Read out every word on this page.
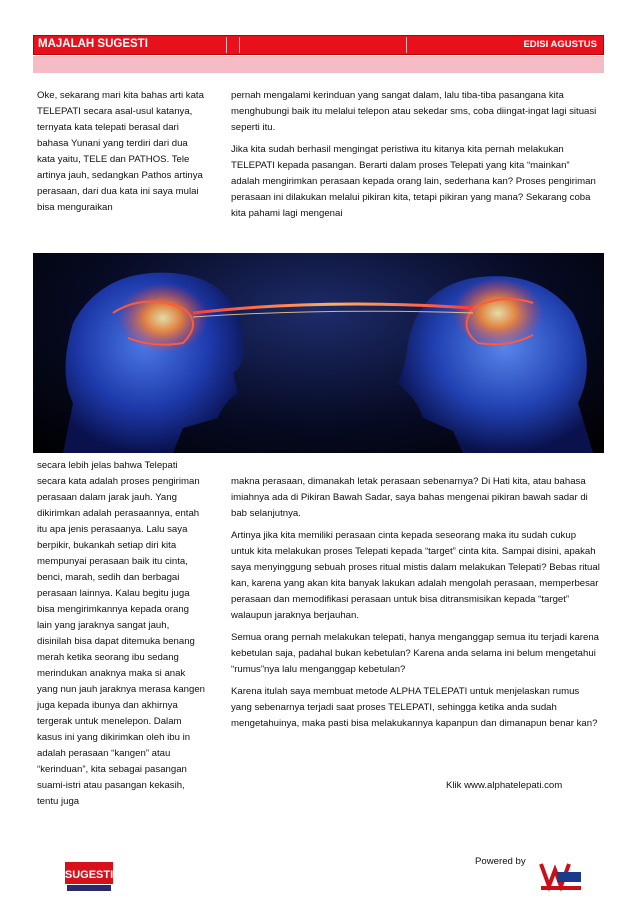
MAJALAH SUGESTI	EDISI AGUSTUS

Oke, sekarang mari kita bahas arti kata TELEPATI secara asal-usul katanya, ternyata kata telepati berasal dari bahasa Yunani yang terdiri dari dua kata yaitu, TELE dan PATHOS. Tele artinya jauh, sedangkan Pathos artinya perasaan, dari dua kata ini saya mulai bisa menguraikan

pernah mengalami kerinduan yang sangat dalam, lalu tiba-tiba pasangana kita menghubungi baik itu melalui telepon atau sekedar sms, coba diingat-ingat lagi situasi seperti itu.

Jika kita sudah berhasil mengingat peristiwa itu kitanya kita pernah melakukan TELEPATI kepada pasangan. Berarti dalam proses Telepati yang kita “mainkan” adalah mengirimkan perasaan kepada orang lain, sederhana kan? Proses pengiriman perasaan ini dilakukan melalui pikiran kita, tetapi pikiran yang mana? Sekarang coba kita pahami lagi mengenai

secara lebih jelas bahwa Telepati secara kata adalah proses pengiriman perasaan dalam jarak jauh. Yang dikirimkan adalah perasaannya, entah itu apa jenis perasaanya. Lalu saya berpikir, bukankah setiap diri kita mempunyai perasaan baik itu cinta, benci, marah, sedih dan berbagai perasaan lainnya. Kalau begitu juga bisa mengirimkannya kepada orang lain yang jaraknya sangat jauh, disinilah bisa dapat ditemuka benang merah ketika seorang ibu sedang merindukan anaknya maka si anak yang nun jauh jaraknya merasa kangen juga kepada ibunya dan akhirnya tergerak untuk menelepon. Dalam kasus ini yang dikirimkan oleh ibu in adalah perasaan “kangen” atau “kerinduan”, kita sebagai pasangan suami-istri atau pasangan kekasih, tentu juga

makna perasaan, dimanakah letak perasaan sebenarnya? Di Hati kita, atau bahasa imiahnya ada di Pikiran Bawah Sadar, saya bahas mengenai pikiran bawah sadar di bab selanjutnya.

Artinya jika kita memiliki perasaan cinta kepada seseorang maka itu sudah cukup untuk kita melakukan proses Telepati kepada “target” cinta kita. Sampai disini, apakah saya menyinggung sebuah proses ritual mistis dalam melakukan Telepati? Bebas ritual kan, karena yang akan kita banyak lakukan adalah mengolah perasaan, memperbesar perasaan dan memodifikasi perasaan untuk bisa ditransmisikan kepada “target” walaupun jaraknya berjauhan.

Semua orang pernah melakukan telepati, hanya menganggap semua itu terjadi karena kebetulan saja, padahal bukan kebetulan? Karena anda selama ini belum mengetahui “rumus”nya lalu menganggap kebetulan?

Karena itulah saya membuat metode ALPHA TELEPATI untuk menjelaskan rumus yang sebenarnya terjadi saat proses TELEPATI, sehingga ketika anda sudah mengetahuinya, maka pasti bisa melakukannya kapanpun dan dimanapun benar kan?

Klik www.alphatelepati.com
Powered by
SUGESTI
